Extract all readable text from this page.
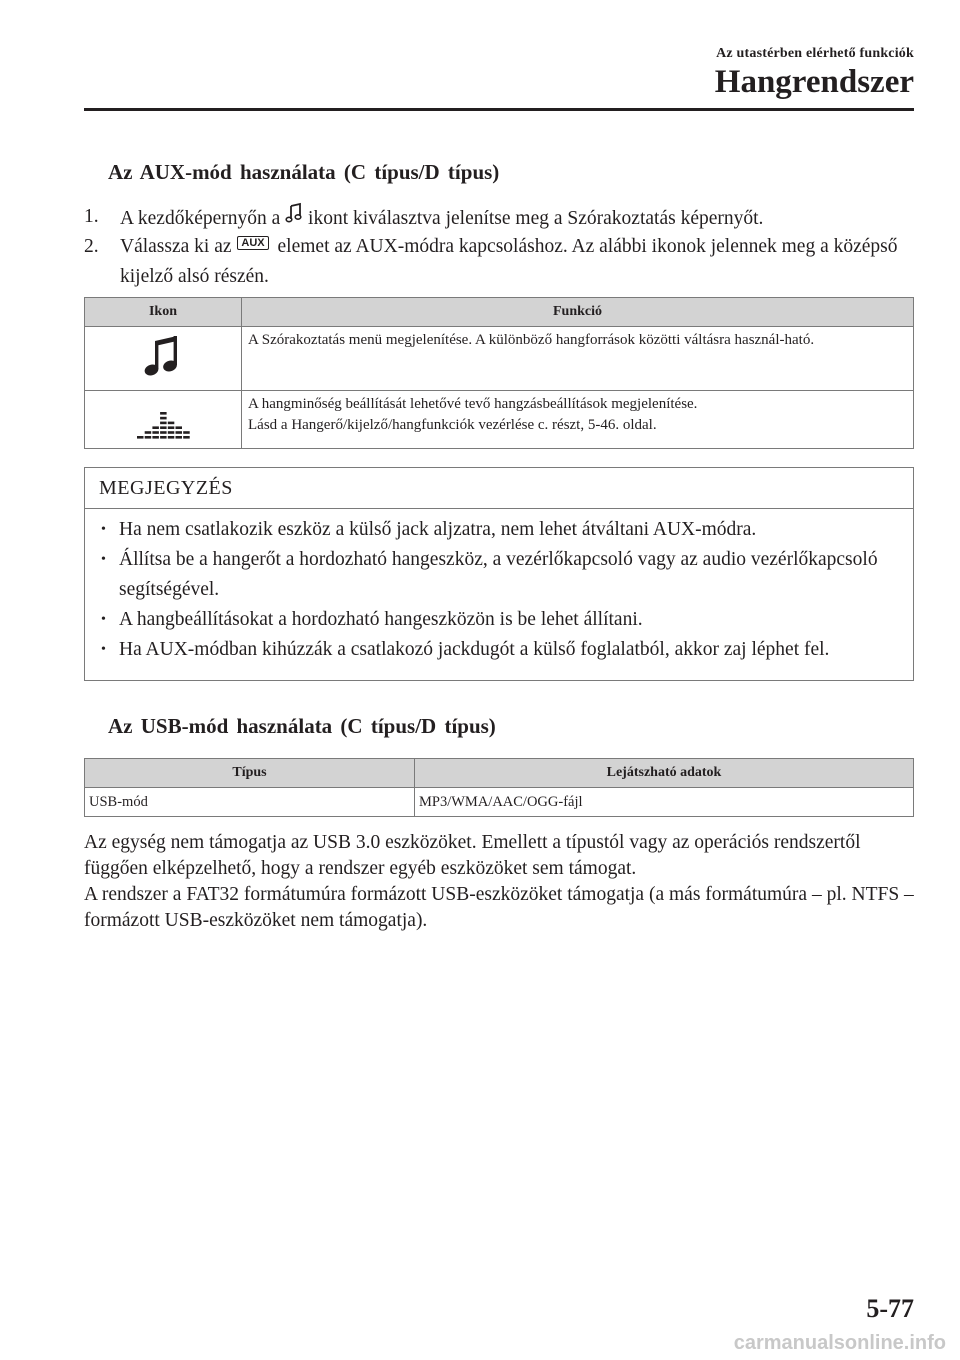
Az utastérben elérhető funkciók
Hangrendszer
Az AUX-mód használata (C típus/D típus)
1. A kezdőképernyőn a ikont kiválasztva jelenítse meg a Szórakoztatás képernyőt.
2. Válassza ki az AUX elemet az AUX-módra kapcsoláshoz. Az alábbi ikonok jelennek meg a középső kijelző alsó részén.
Ikon	Funkció
	A Szórakoztatás menü megjelenítése. A különböző hangforrások közötti váltásra használ-ható.

A hangminőség beállítását lehetővé tevő hangzásbeállítások megjelenítése.
Lásd a Hangerő/kijelző/hangfunkciók vezérlése c. részt, 5-46. oldal.
MEGJEGYZÉS
• Ha nem csatlakozik eszköz a külső jack aljzatra, nem lehet átváltani AUX-módra.
• Állítsa be a hangerőt a hordozható hangeszköz, a vezérlőkapcsoló vagy az audio vezérlőkapcsoló segítségével.
• A hangbeállításokat a hordozható hangeszközön is be lehet állítani.
• Ha AUX-módban kihúzzák a csatlakozó jackdugót a külső foglalatból, akkor zaj léphet fel.
Az USB-mód használata (C típus/D típus)
Típus	Lejátszható adatok
USB-mód	MP3/WMA/AAC/OGG-fájl
Az egység nem támogatja az USB 3.0 eszközöket. Emellett a típustól vagy az operációs rendszertől függően elképzelhető, hogy a rendszer egyéb eszközöket sem támogat.
A rendszer a FAT32 formátumúra formázott USB-eszközöket támogatja (a más formátumúra – pl. NTFS – formázott USB-eszközöket nem támogatja).
5-77
carmanualsonline.info
